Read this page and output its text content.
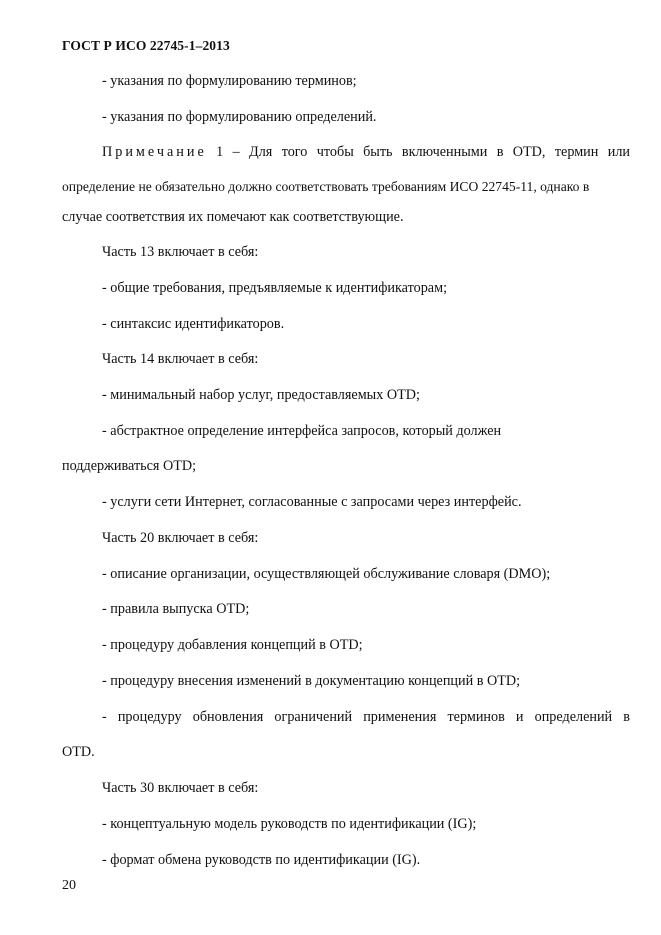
ГОСТ Р ИСО 22745-1–2013
- указания по формулированию терминов;
- указания по формулированию определений.
Примечание 1 – Для того чтобы быть включенными в OTD, термин или
определение не обязательно должно соответствовать требованиям ИСО 22745-11, однако в
случае соответствия их помечают как соответствующие.
Часть 13 включает в себя:
- общие требования, предъявляемые к идентификаторам;
- синтаксис идентификаторов.
Часть 14 включает в себя:
- минимальный набор услуг, предоставляемых OTD;
- абстрактное определение интерфейса запросов, который должен
поддерживаться OTD;
- услуги сети Интернет, согласованные с запросами через интерфейс.
Часть 20 включает в себя:
- описание организации, осуществляющей обслуживание словаря (DMO);
- правила выпуска OTD;
- процедуру добавления концепций в OTD;
- процедуру внесения изменений в документацию концепций в OTD;
- процедуру обновления ограничений применения терминов и определений в
OTD.
Часть 30 включает в себя:
- концептуальную модель руководств по идентификации (IG);
- формат обмена руководств по идентификации (IG).
20
